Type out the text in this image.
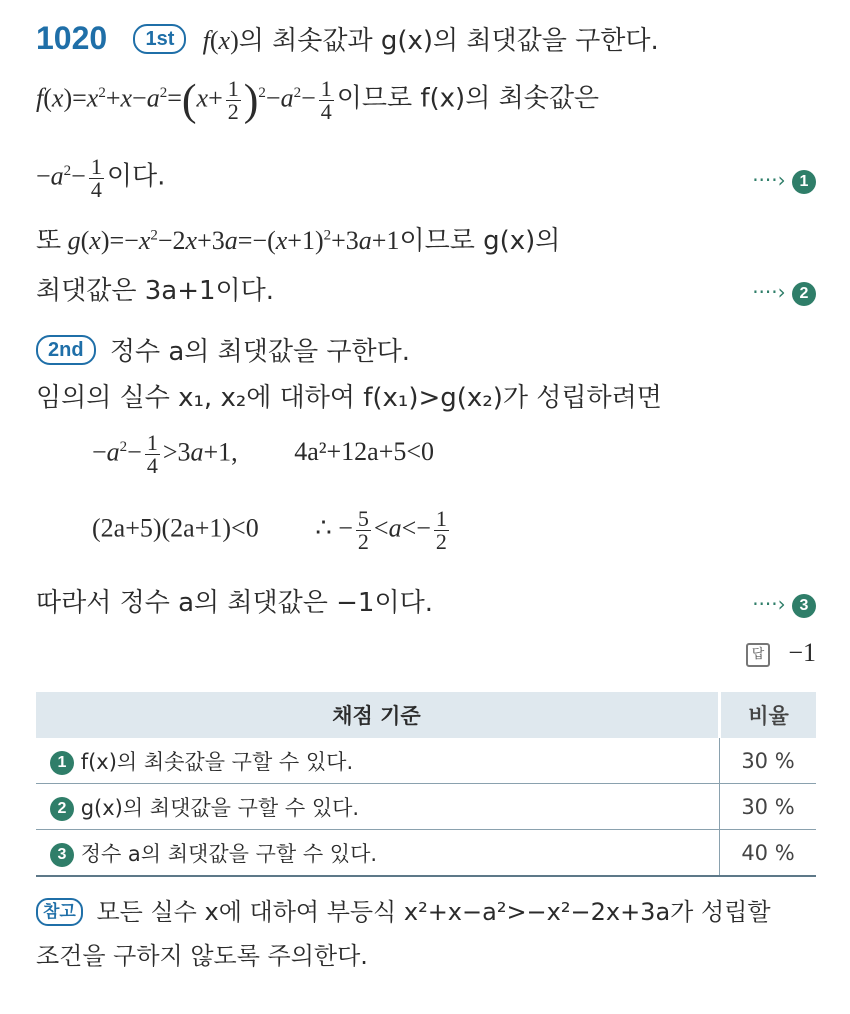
1020 1st f(x)의 최솟값과 g(x)의 최댓값을 구한다.
$f(x)=x^2+x-a^2=(x+ \frac{1}{2} )^2-a^2- \frac{1}{4}$ 이므로 f(x)의 최솟값은
$-a^2- \frac{1}{4}$ 이다.	····› 1
또 $g(x)=-x^2-2x+3a=-(x+1)^2+3a+1$이므로 g(x)의
최댓값은 3a+1이다.	····› 2
2nd 정수 a의 최댓값을 구한다.
임의의 실수 x₁, x₂에 대하여 f(x₁)>g(x₂)가 성립하려면
$-a^2- \frac{1}{4} >3a+1$, 4a²+12a+5<0
(2a+5)(2a+1)<0 ∴ − $\frac{5}{2} <a<- \frac{1}{2}$
따라서 정수 a의 최댓값은 −1이다.	····› 3
답 −1
채점 기준	비율
1 f(x)의 최솟값을 구할 수 있다.	30 %
2 g(x)의 최댓값을 구할 수 있다.	30 %
3 정수 a의 최댓값을 구할 수 있다.	40 %
참고 모든 실수 x에 대하여 부등식 x²+x−a²>−x²−2x+3a가 성립할
조건을 구하지 않도록 주의한다.
